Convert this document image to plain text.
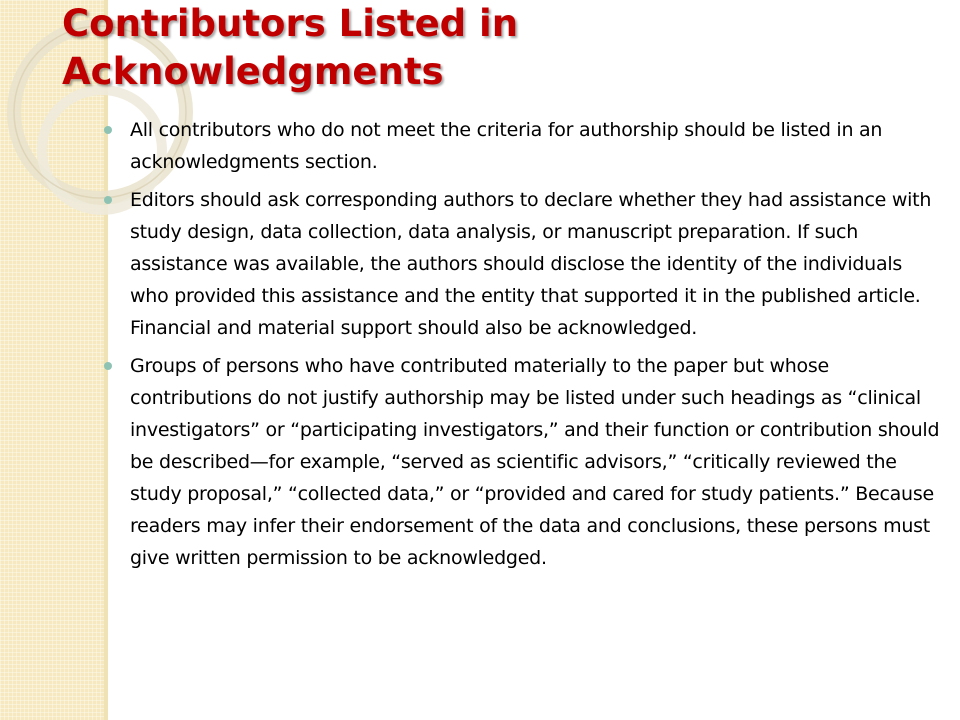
Contributors Listed in
Acknowledgments
All contributors who do not meet the criteria for authorship should be listed in an acknowledgments section.
Editors should ask corresponding authors to declare whether they had assistance with study design, data collection, data analysis, or manuscript preparation. If such assistance was available, the authors should disclose the identity of the individuals who provided this assistance and the entity that supported it in the published article. Financial and material support should also be acknowledged.
Groups of persons who have contributed materially to the paper but whose contributions do not justify authorship may be listed under such headings as “clinical investigators” or “participating investigators,” and their function or contribution should be described—for example, “served as scientific advisors,” “critically reviewed the study proposal,” “collected data,” or “provided and cared for study patients.” Because readers may infer their endorsement of the data and conclusions, these persons must give written permission to be acknowledged.
